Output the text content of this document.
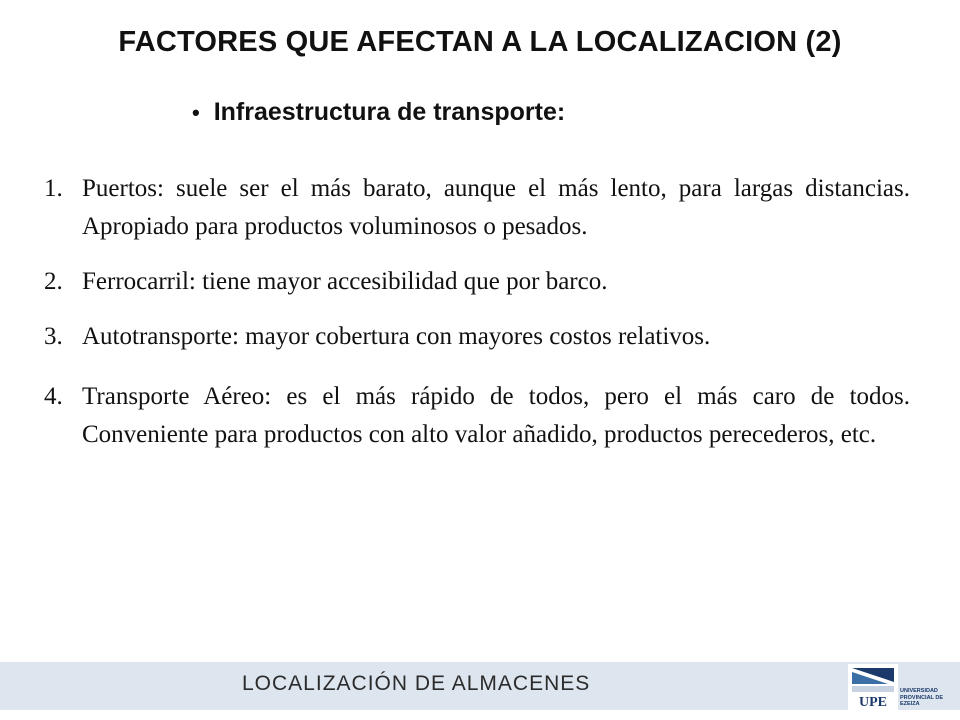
FACTORES QUE AFECTAN A LA LOCALIZACION (2)
• Infraestructura de transporte:
1. Puertos: suele ser el más barato, aunque el más lento, para largas distancias. Apropiado para productos voluminosos o pesados.
2. Ferrocarril: tiene mayor accesibilidad que por barco.
3. Autotransporte: mayor cobertura con mayores costos relativos.
4. Transporte Aéreo: es el más rápido de todos, pero el más caro de todos. Conveniente para productos con alto valor añadido, productos perecederos, etc.
LOCALIZACIÓN DE ALMACENES
UPE
UNIVERSIDAD
PROVINCIAL DE
EZEIZA
